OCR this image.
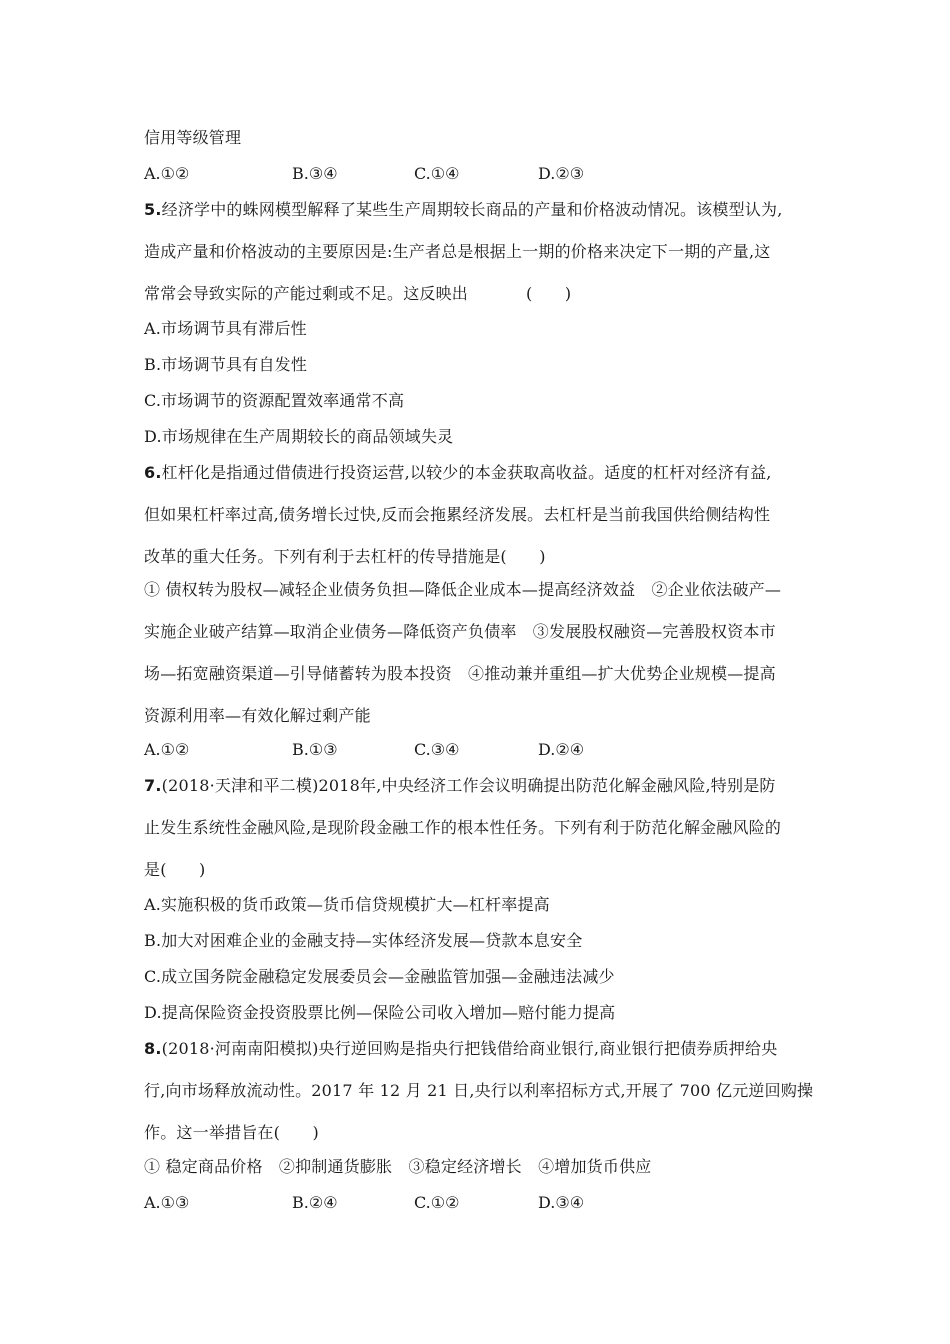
信用等级管理
A.①②	B.③④	C.①④	D.②③
5.经济学中的蛛网模型解释了某些生产周期较长商品的产量和价格波动情况。该模型认为,
造成产量和价格波动的主要原因是:生产者总是根据上一期的价格来决定下一期的产量,这
常常会导致实际的产能过剩或不足。这反映出	(　　)
A.市场调节具有滞后性
B.市场调节具有自发性
C.市场调节的资源配置效率通常不高
D.市场规律在生产周期较长的商品领域失灵
6.杠杆化是指通过借债进行投资运营,以较少的本金获取高收益。适度的杠杆对经济有益,
但如果杠杆率过高,债务增长过快,反而会拖累经济发展。去杠杆是当前我国供给侧结构性
改革的重大任务。下列有利于去杠杆的传导措施是(　　)
① 债权转为股权—减轻企业债务负担—降低企业成本—提高经济效益　②企业依法破产—
实施企业破产结算—取消企业债务—降低资产负债率　③发展股权融资—完善股权资本市
场—拓宽融资渠道—引导储蓄转为股本投资　④推动兼并重组—扩大优势企业规模—提高
资源利用率—有效化解过剩产能
A.①②	B.①③	C.③④	D.②④
7.(2018·天津和平二模)2018年,中央经济工作会议明确提出防范化解金融风险,特别是防
止发生系统性金融风险,是现阶段金融工作的根本性任务。下列有利于防范化解金融风险的
是(　　)
A.实施积极的货币政策—货币信贷规模扩大—杠杆率提高
B.加大对困难企业的金融支持—实体经济发展—贷款本息安全
C.成立国务院金融稳定发展委员会—金融监管加强—金融违法减少
D.提高保险资金投资股票比例—保险公司收入增加—赔付能力提高
8.(2018·河南南阳模拟)央行逆回购是指央行把钱借给商业银行,商业银行把债券质押给央
行,向市场释放流动性。2017 年 12 月 21 日,央行以利率招标方式,开展了 700 亿元逆回购操
作。这一举措旨在(　　)
① 稳定商品价格　②抑制通货膨胀　③稳定经济增长　④增加货币供应
A.①③	B.②④	C.①②	D.③④
